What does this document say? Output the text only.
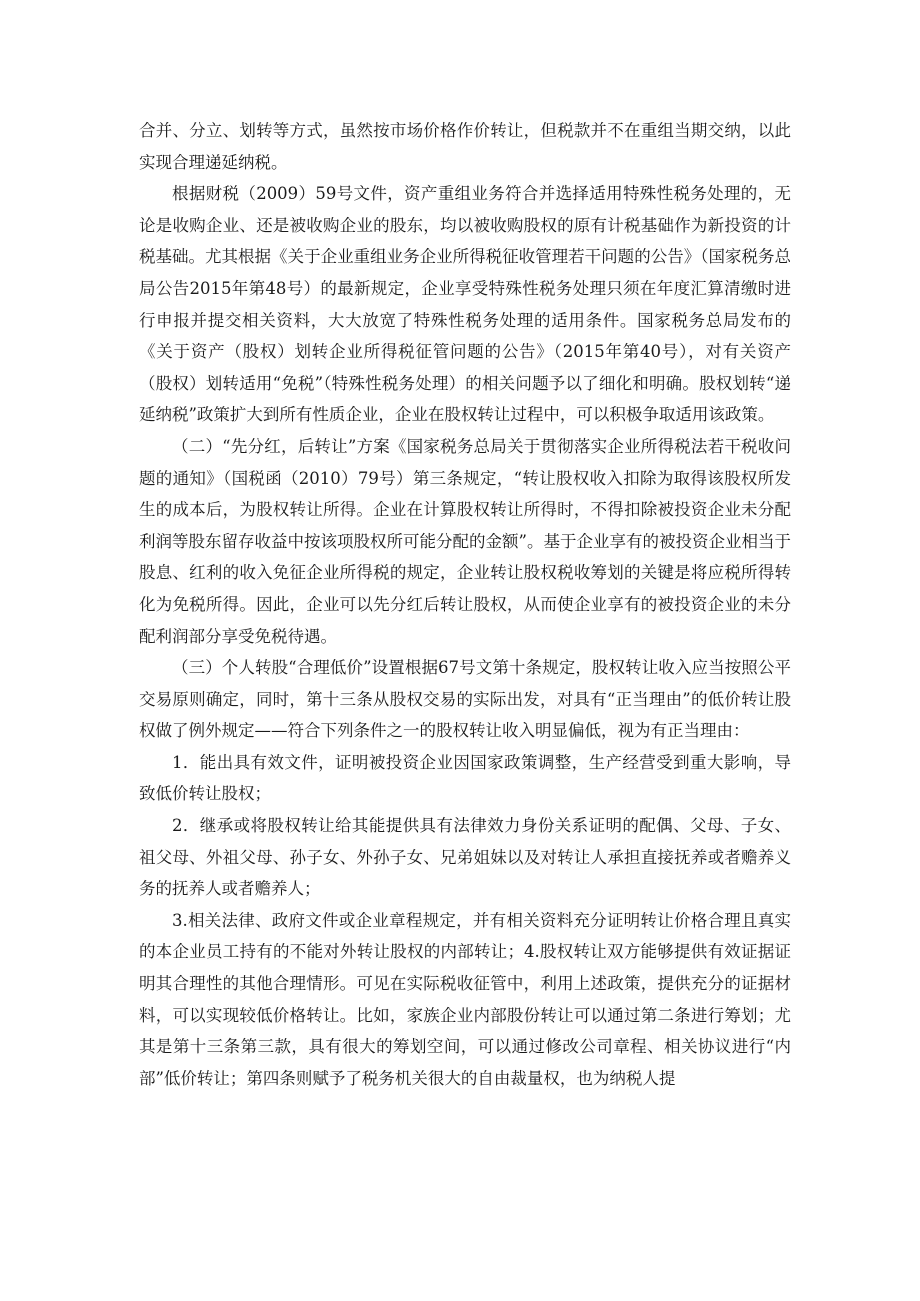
合并、分立、划转等方式，虽然按市场价格作价转让，但税款并不在重组当期交纳，以此实现合理递延纳税。

根据财税（2009）59号文件，资产重组业务符合并选择适用特殊性税务处理的，无论是收购企业、还是被收购企业的股东，均以被收购股权的原有计税基础作为新投资的计税基础。尤其根据《关于企业重组业务企业所得税征收管理若干问题的公告》（国家税务总局公告2015年第48号）的最新规定，企业享受特殊性税务处理只须在年度汇算清缴时进行申报并提交相关资料，大大放宽了特殊性税务处理的适用条件。国家税务总局发布的《关于资产（股权）划转企业所得税征管问题的公告》（2015年第40号），对有关资产（股权）划转适用“免税”（特殊性税务处理）的相关问题予以了细化和明确。股权划转“递延纳税”政策扩大到所有性质企业，企业在股权转让过程中，可以积极争取适用该政策。

（二）“先分红，后转让”方案《国家税务总局关于贯彻落实企业所得税法若干税收问题的通知》（国税函（2010）79号）第三条规定，“转让股权收入扣除为取得该股权所发生的成本后，为股权转让所得。企业在计算股权转让所得时，不得扣除被投资企业未分配利润等股东留存收益中按该项股权所可能分配的金额”。基于企业享有的被投资企业相当于股息、红利的收入免征企业所得税的规定，企业转让股权税收筹划的关键是将应税所得转化为免税所得。因此，企业可以先分红后转让股权，从而使企业享有的被投资企业的未分配利润部分享受免税待遇。

（三）个人转股“合理低价”设置根据67号文第十条规定，股权转让收入应当按照公平交易原则确定，同时，第十三条从股权交易的实际出发，对具有“正当理由”的低价转让股权做了例外规定——符合下列条件之一的股权转让收入明显偏低，视为有正当理由：

1．能出具有效文件，证明被投资企业因国家政策调整，生产经营受到重大影响，导致低价转让股权；

2．继承或将股权转让给其能提供具有法律效力身份关系证明的配偶、父母、子女、祖父母、外祖父母、孙子女、外孙子女、兄弟姐妹以及对转让人承担直接抚养或者赡养义务的抚养人或者赡养人；

3.相关法律、政府文件或企业章程规定，并有相关资料充分证明转让价格合理且真实的本企业员工持有的不能对外转让股权的内部转让；4.股权转让双方能够提供有效证据证明其合理性的其他合理情形。可见在实际税收征管中，利用上述政策，提供充分的证据材料，可以实现较低价格转让。比如，家族企业内部股份转让可以通过第二条进行筹划；尤其是第十三条第三款，具有很大的筹划空间，可以通过修改公司章程、相关协议进行“内部”低价转让；第四条则赋予了税务机关很大的自由裁量权，也为纳税人提
